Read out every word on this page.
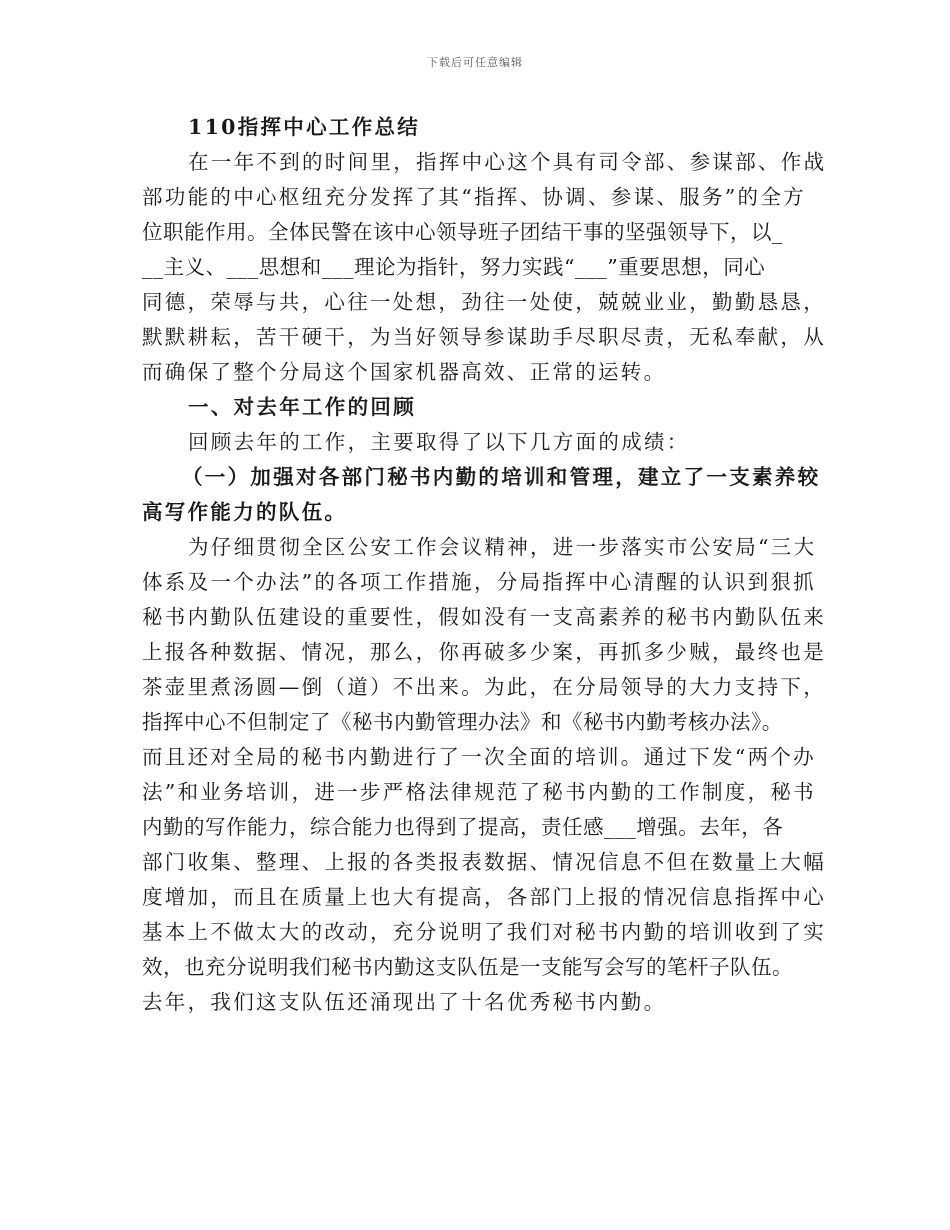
下载后可任意编辑
110指挥中心工作总结
在一年不到的时间里，指挥中心这个具有司令部、参谋部、作战
部功能的中心枢纽充分发挥了其“指挥、协调、参谋、服务”的全方
位职能作用。全体民警在该中心领导班子团结干事的坚强领导下，以_
__主义、___思想和___理论为指针，努力实践“___”重要思想，同心
同德，荣辱与共，心往一处想，劲往一处使，兢兢业业，勤勤恳恳，
默默耕耘，苦干硬干，为当好领导参谋助手尽职尽责，无私奉献，从
而确保了整个分局这个国家机器高效、正常的运转。
一、对去年工作的回顾
回顾去年的工作，主要取得了以下几方面的成绩：
（一）加强对各部门秘书内勤的培训和管理，建立了一支素养较
高写作能力的队伍。
为仔细贯彻全区公安工作会议精神，进一步落实市公安局“三大
体系及一个办法”的各项工作措施，分局指挥中心清醒的认识到狠抓
秘书内勤队伍建设的重要性，假如没有一支高素养的秘书内勤队伍来
上报各种数据、情况，那么，你再破多少案，再抓多少贼，最终也是
茶壶里煮汤圆—倒（道）不出来。为此，在分局领导的大力支持下，
指挥中心不但制定了《秘书内勤管理办法》和《秘书内勤考核办法》。
而且还对全局的秘书内勤进行了一次全面的培训。通过下发“两个办
法”和业务培训，进一步严格法律规范了秘书内勤的工作制度，秘书
内勤的写作能力，综合能力也得到了提高，责任感___增强。去年，各
部门收集、整理、上报的各类报表数据、情况信息不但在数量上大幅
度增加，而且在质量上也大有提高，各部门上报的情况信息指挥中心
基本上不做太大的改动，充分说明了我们对秘书内勤的培训收到了实
效，也充分说明我们秘书内勤这支队伍是一支能写会写的笔杆子队伍。
去年，我们这支队伍还涌现出了十名优秀秘书内勤。
